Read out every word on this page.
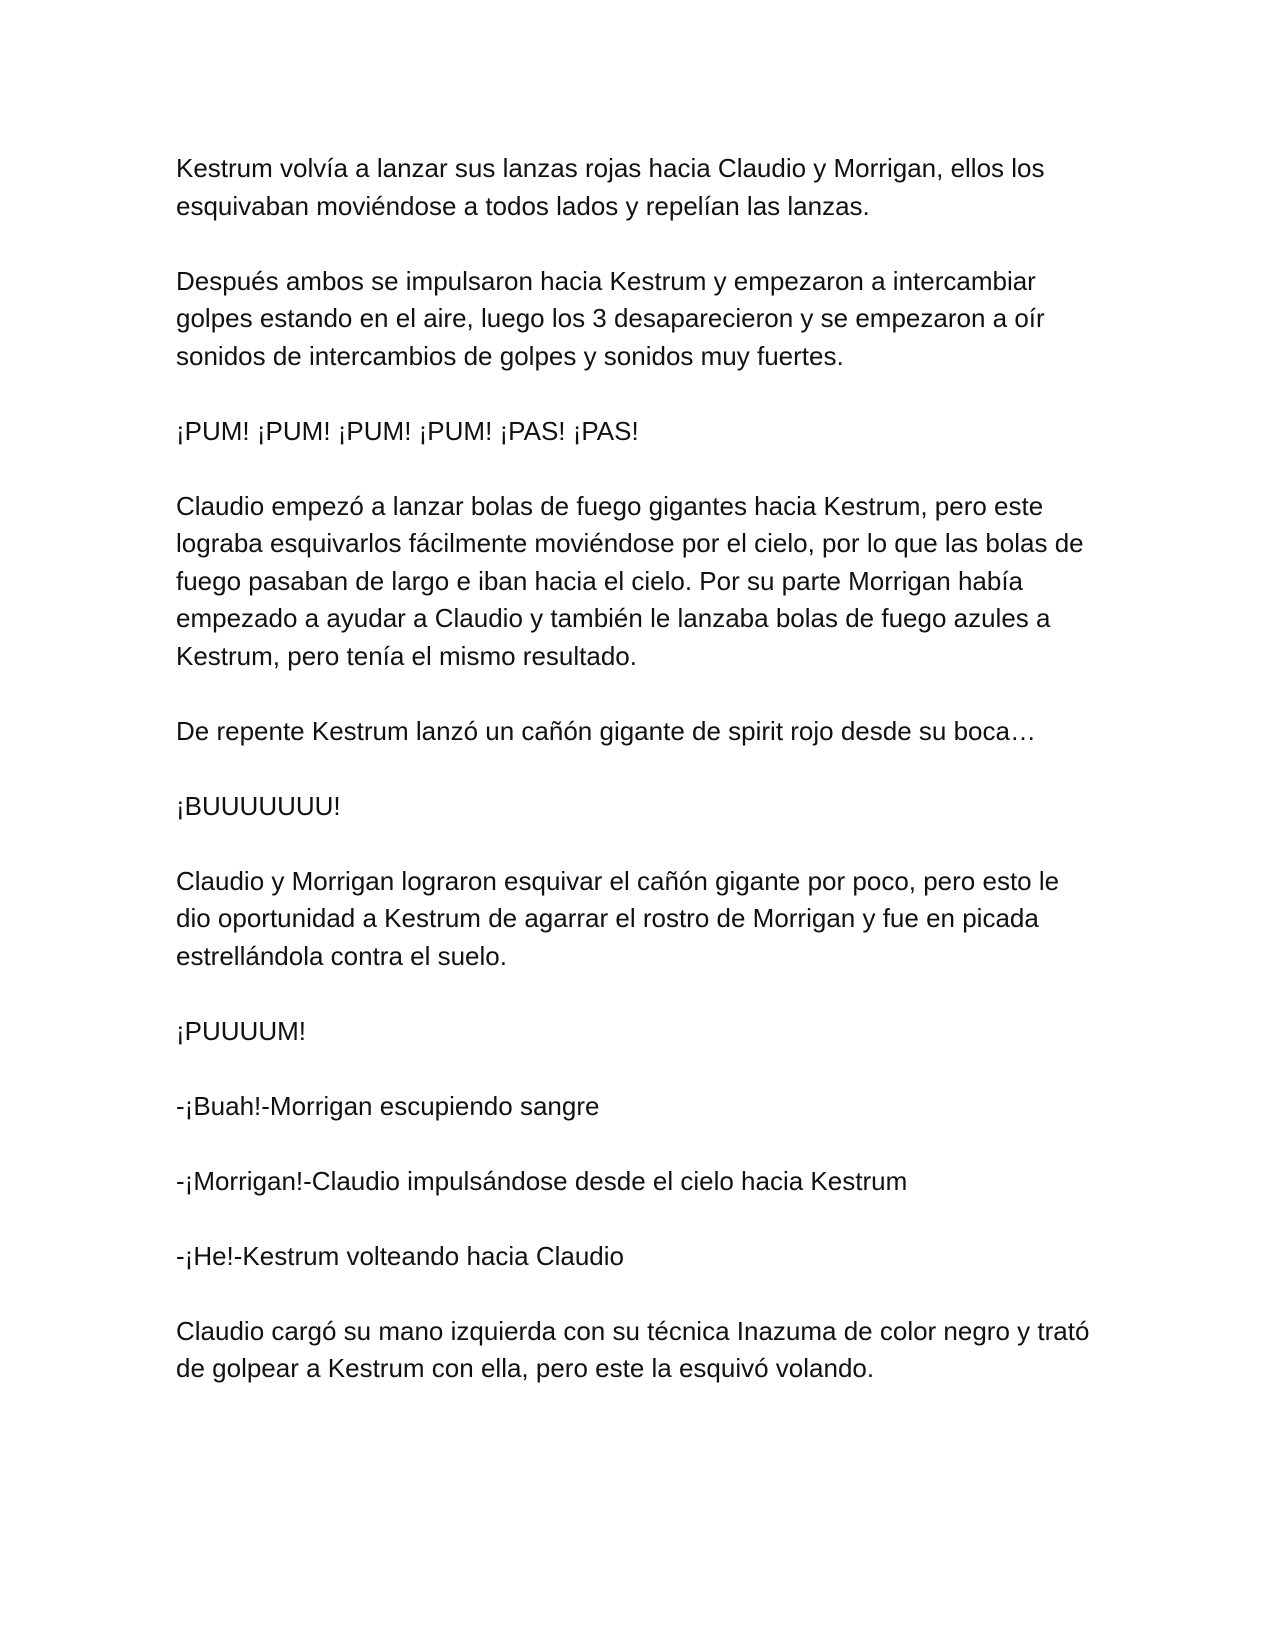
Kestrum volvía a lanzar sus lanzas rojas hacia Claudio y Morrigan, ellos los esquivaban moviéndose a todos lados y repelían las lanzas.

Después ambos se impulsaron hacia Kestrum y empezaron a intercambiar golpes estando en el aire, luego los 3 desaparecieron y se empezaron a oír sonidos de intercambios de golpes y sonidos muy fuertes.

¡PUM! ¡PUM! ¡PUM! ¡PUM! ¡PAS! ¡PAS!

Claudio empezó a lanzar bolas de fuego gigantes hacia Kestrum, pero este lograba esquivarlos fácilmente moviéndose por el cielo, por lo que las bolas de fuego pasaban de largo e iban hacia el cielo. Por su parte Morrigan había empezado a ayudar a Claudio y también le lanzaba bolas de fuego azules a Kestrum, pero tenía el mismo resultado.

De repente Kestrum lanzó un cañón gigante de spirit rojo desde su boca…

¡BUUUUUUU!

Claudio y Morrigan lograron esquivar el cañón gigante por poco, pero esto le dio oportunidad a Kestrum de agarrar el rostro de Morrigan y fue en picada estrellándola contra el suelo.

¡PUUUUM!

-¡Buah!-Morrigan escupiendo sangre

-¡Morrigan!-Claudio impulsándose desde el cielo hacia Kestrum

-¡He!-Kestrum volteando hacia Claudio

Claudio cargó su mano izquierda con su técnica Inazuma de color negro y trató de golpear a Kestrum con ella, pero este la esquivó volando.
